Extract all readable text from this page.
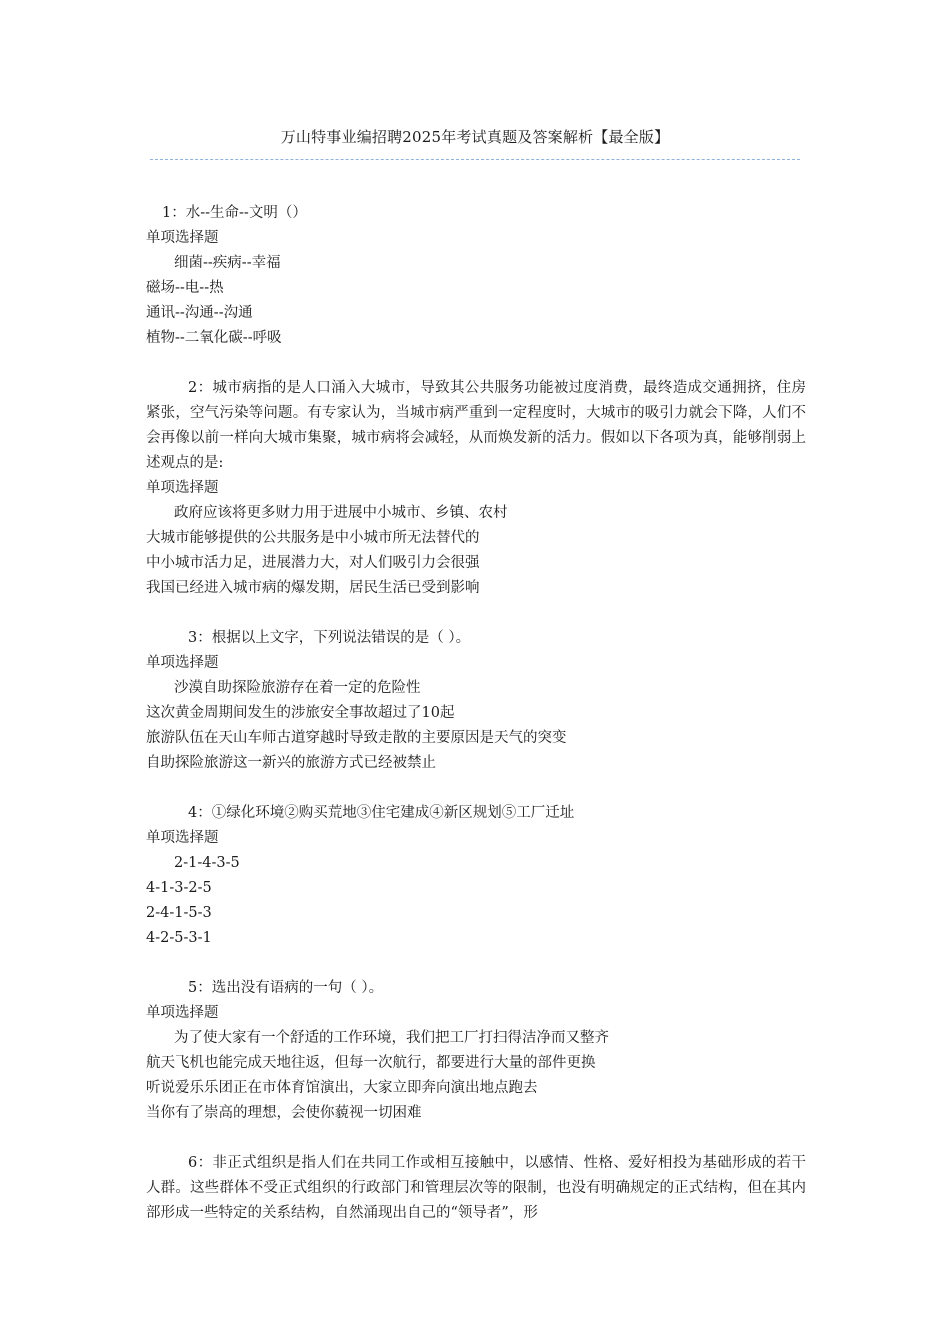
万山特事业编招聘2025年考试真题及答案解析【最全版】
1：水--生命--文明（）
单项选择题
细菌--疾病--幸福
磁场--电--热
通讯--沟通--沟通
植物--二氧化碳--呼吸
2：城市病指的是人口涌入大城市，导致其公共服务功能被过度消费，最终造成交通拥挤，住房紧张，空气污染等问题。有专家认为，当城市病严重到一定程度时，大城市的吸引力就会下降，人们不会再像以前一样向大城市集聚，城市病将会减轻，从而焕发新的活力。假如以下各项为真，能够削弱上述观点的是:
单项选择题
政府应该将更多财力用于进展中小城市、乡镇、农村
大城市能够提供的公共服务是中小城市所无法替代的
中小城市活力足，进展潜力大，对人们吸引力会很强
我国已经进入城市病的爆发期，居民生活已受到影响
3：根据以上文字，下列说法错误的是（ ）。
单项选择题
沙漠自助探险旅游存在着一定的危险性
这次黄金周期间发生的涉旅安全事故超过了10起
旅游队伍在天山车师古道穿越时导致走散的主要原因是天气的突变
自助探险旅游这一新兴的旅游方式已经被禁止
4：①绿化环境②购买荒地③住宅建成④新区规划⑤工厂迁址
单项选择题
2-1-4-3-5
4-1-3-2-5
2-4-1-5-3
4-2-5-3-1
5：选出没有语病的一句（ ）。
单项选择题
为了使大家有一个舒适的工作环境，我们把工厂打扫得洁净而又整齐
航天飞机也能完成天地往返，但每一次航行，都要进行大量的部件更换
听说爱乐乐团正在市体育馆演出，大家立即奔向演出地点跑去
当你有了崇高的理想，会使你藐视一切困难
6：非正式组织是指人们在共同工作或相互接触中，以感情、性格、爱好相投为基础形成的若干人群。这些群体不受正式组织的行政部门和管理层次等的限制，也没有明确规定的正式结构，但在其内部形成一些特定的关系结构，自然涌现出自己的“领导者”，形
